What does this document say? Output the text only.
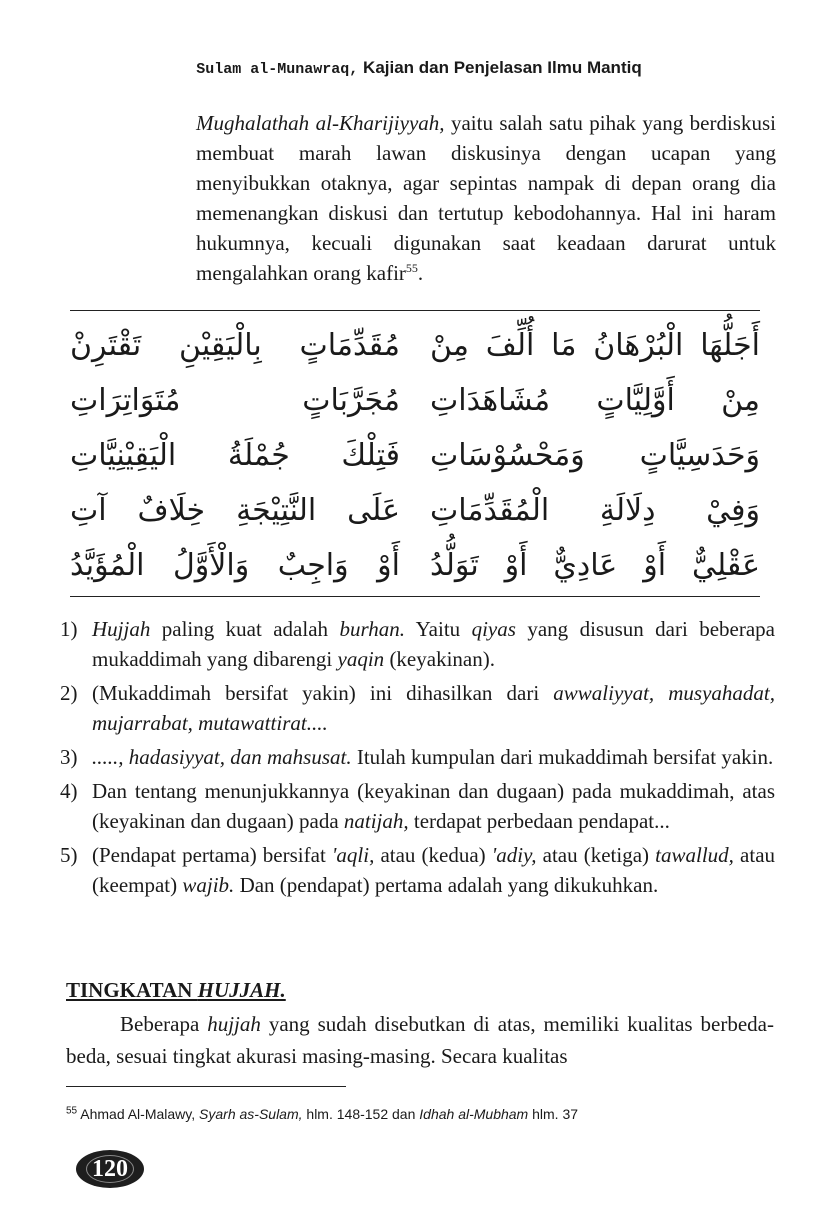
Sulam al-Munawraq, Kajian dan Penjelasan Ilmu Mantiq
Mughalathah al-Kharijiyyah, yaitu salah satu pihak yang berdiskusi membuat marah lawan diskusinya dengan ucapan yang menyibukkan otaknya, agar sepintas nampak di depan orang dia memenangkan diskusi dan tertutup kebodohannya. Hal ini haram hukumnya, kecuali digunakan saat keadaan darurat untuk mengalahkan orang kafir$^{55}$.
أَجَلُّهَا الْبُرْهَانُ مَا أُلِّفَ مِنْ
مُقَدِّمَاتٍ بِالْيَقِيْنِ تَقْتَرِنْ
مِنْ أَوَّلِيَّاتٍ مُشَاهَدَاتِ
مُجَرَّبَاتٍ مُتَوَاتِرَاتِ
وَحَدَسِيَّاتٍ وَمَحْسُوْسَاتِ
فَتِلْكَ جُمْلَةُ الْيَقِيْنِيَّاتِ
وَفِيْ دِلَالَةِ الْمُقَدِّمَاتِ
عَلَى النَّتِيْجَةِ خِلَافٌ آتِ
عَقْلِيٌّ أَوْ عَادِيٌّ أَوْ تَوَلُّدُ
أَوْ وَاجِبٌ وَالْأَوَّلُ الْمُؤَيَّدُ
1) Hujjah paling kuat adalah burhan. Yaitu qiyas yang disusun dari beberapa mukaddimah yang dibarengi yaqin (keyakinan).
2) (Mukaddimah bersifat yakin) ini dihasilkan dari awwaliyyat, musyahadat, mujarrabat, mutawattirat....
3) ....., hadasiyyat, dan mahsusat. Itulah kumpulan dari mukaddimah bersifat yakin.
4) Dan tentang menunjukkannya (keyakinan dan dugaan) pada mukaddimah, atas (keyakinan dan dugaan) pada natijah, terdapat perbedaan pendapat...
5) (Pendapat pertama) bersifat 'aqli, atau (kedua) 'adiy, atau (ketiga) tawallud, atau (keempat) wajib. Dan (pendapat) pertama adalah yang dikukuhkan.
TINGKATAN HUJJAH.
Beberapa hujjah yang sudah disebutkan di atas, memiliki kualitas berbeda-beda, sesuai tingkat akurasi masing-masing. Secara kualitas
$^{55}$ Ahmad Al-Malawy, Syarh as-Sulam, hlm. 148-152 dan Idhah al-Mubham hlm. 37
120
